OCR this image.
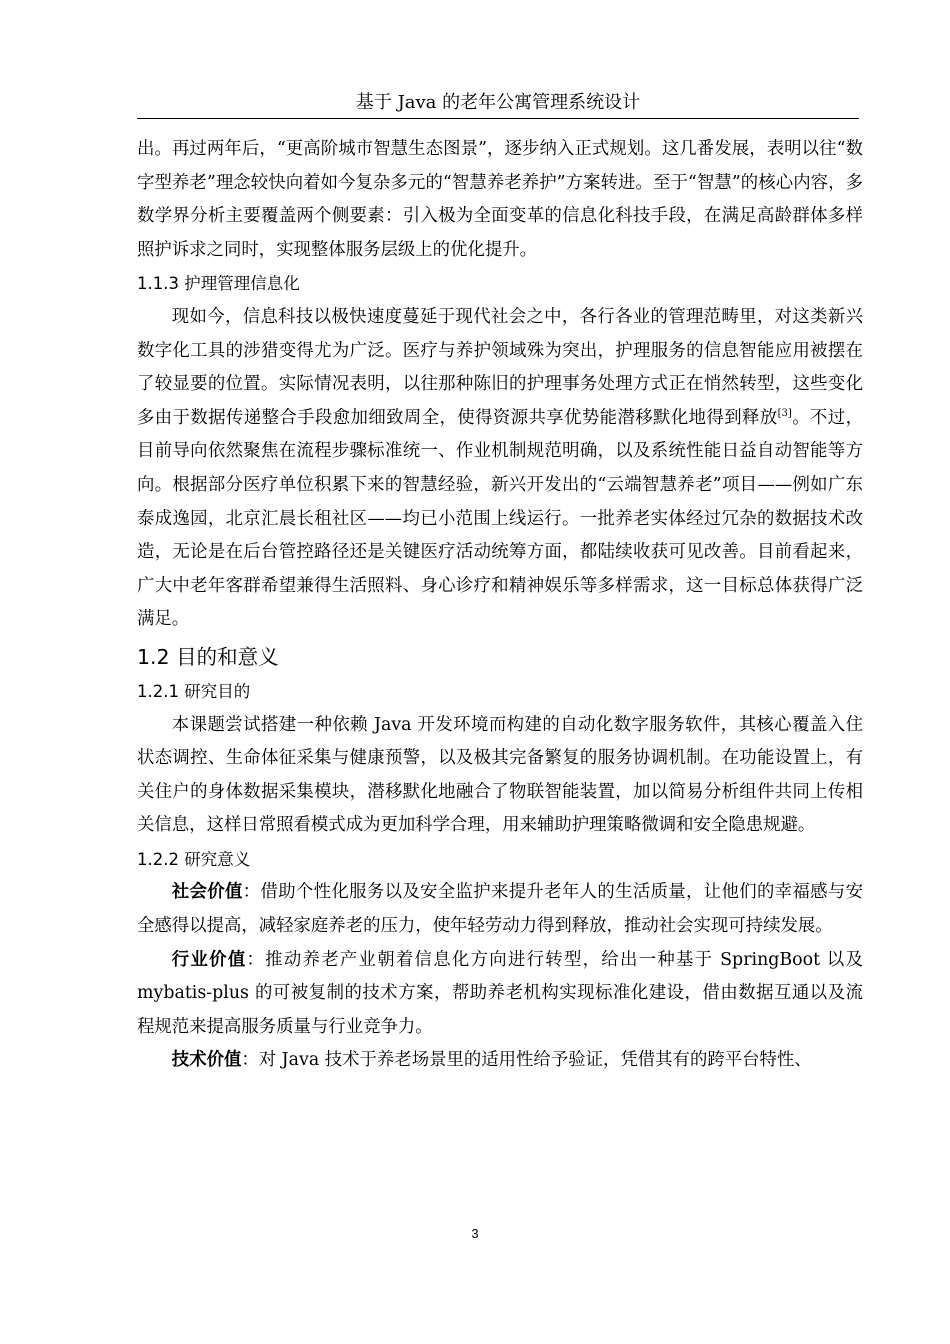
基于 Java 的老年公寓管理系统设计

出。再过两年后，“更高阶城市智慧生态图景”，逐步纳入正式规划。这几番发展，表明以往“数字型养老”理念较快向着如今复杂多元的“智慧养老养护”方案转进。至于“智慧”的核心内容，多数学界分析主要覆盖两个侧要素：引入极为全面变革的信息化科技手段，在满足高龄群体多样照护诉求之同时，实现整体服务层级上的优化提升。

1.1.3 护理管理信息化

现如今，信息科技以极快速度蔓延于现代社会之中，各行各业的管理范畴里，对这类新兴数字化工具的涉猎变得尤为广泛。医疗与养护领域殊为突出，护理服务的信息智能应用被摆在了较显要的位置。实际情况表明，以往那种陈旧的护理事务处理方式正在悄然转型，这些变化多由于数据传递整合手段愈加细致周全，使得资源共享优势能潜移默化地得到释放[3]。不过，目前导向依然聚焦在流程步骤标准统一、作业机制规范明确，以及系统性能日益自动智能等方向。根据部分医疗单位积累下来的智慧经验，新兴开发出的“云端智慧养老”项目——例如广东泰成逸园，北京汇晨长租社区——均已小范围上线运行。一批养老实体经过冗杂的数据技术改造，无论是在后台管控路径还是关键医疗活动统筹方面，都陆续收获可见改善。目前看起来，广大中老年客群希望兼得生活照料、身心诊疗和精神娱乐等多样需求，这一目标总体获得广泛满足。

1.2 目的和意义
1.2.1 研究目的

本课题尝试搭建一种依赖 Java 开发环境而构建的自动化数字服务软件，其核心覆盖入住状态调控、生命体征采集与健康预警，以及极其完备繁复的服务协调机制。在功能设置上，有关住户的身体数据采集模块，潜移默化地融合了物联智能装置，加以简易分析组件共同上传相关信息，这样日常照看模式成为更加科学合理，用来辅助护理策略微调和安全隐患规避。

1.2.2 研究意义

社会价值：借助个性化服务以及安全监护来提升老年人的生活质量，让他们的幸福感与安全感得以提高，减轻家庭养老的压力，使年轻劳动力得到释放，推动社会实现可持续发展。

行业价值：推动养老产业朝着信息化方向进行转型，给出一种基于 SpringBoot 以及 mybatis-plus 的可被复制的技术方案，帮助养老机构实现标准化建设，借由数据互通以及流程规范来提高服务质量与行业竞争力。

技术价值：对 Java 技术于养老场景里的适用性给予验证，凭借其有的跨平台特性、

3
